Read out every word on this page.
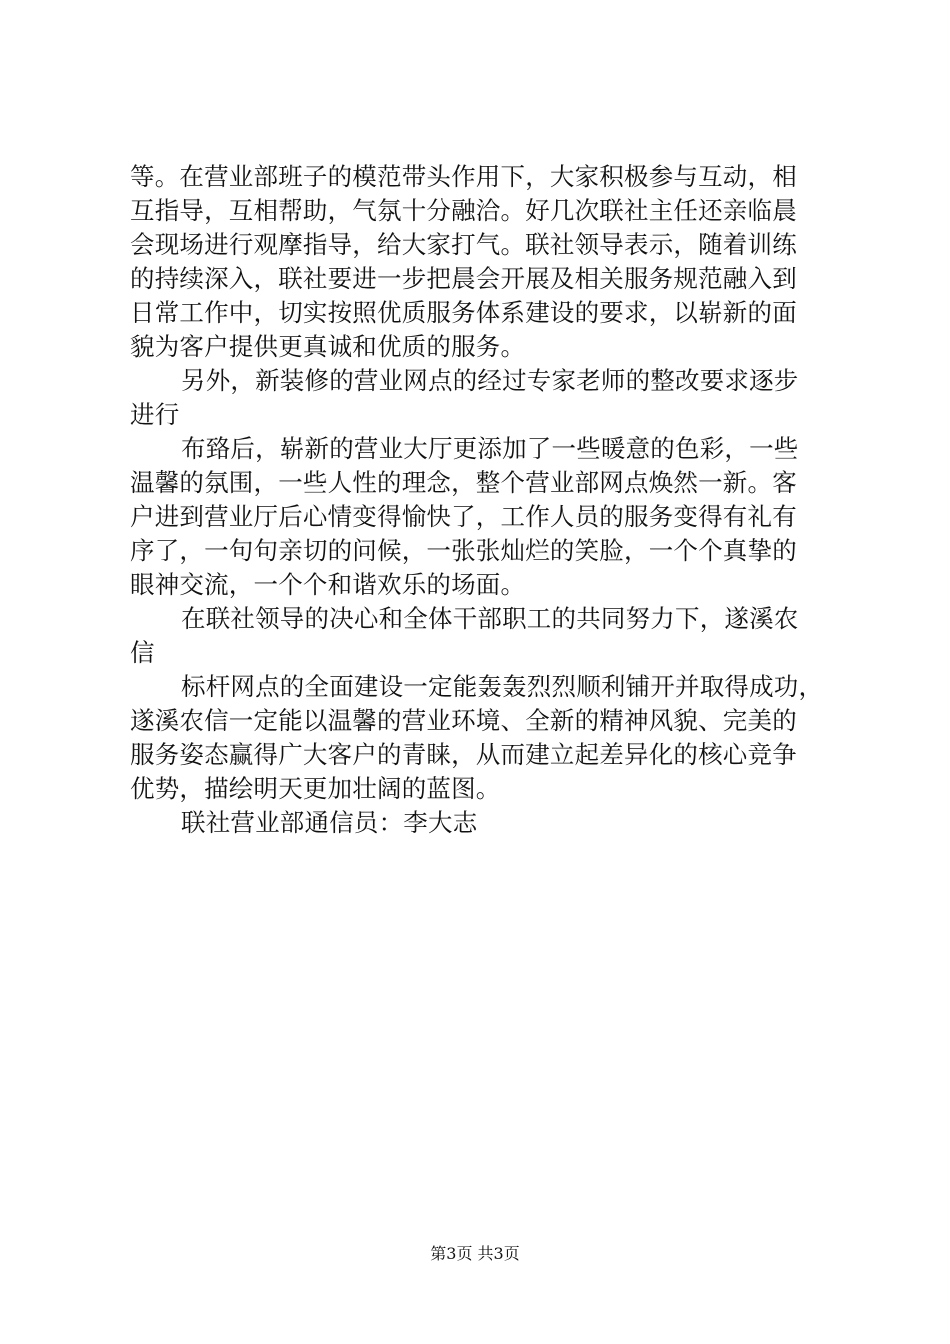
等。在营业部班子的模范带头作用下，大家积极参与互动，相
互指导，互相帮助，气氛十分融洽。好几次联社主任还亲临晨
会现场进行观摩指导，给大家打气。联社领导表示，随着训练
的持续深入，联社要进一步把晨会开展及相关服务规范融入到
日常工作中，切实按照优质服务体系建设的要求，以崭新的面
貌为客户提供更真诚和优质的服务。
另外，新装修的营业网点的经过专家老师的整改要求逐步
进行
布臵后，崭新的营业大厅更添加了一些暖意的色彩，一些
温馨的氛围，一些人性的理念，整个营业部网点焕然一新。客
户进到营业厅后心情变得愉快了，工作人员的服务变得有礼有
序了，一句句亲切的问候，一张张灿烂的笑脸，一个个真挚的
眼神交流，一个个和谐欢乐的场面。
在联社领导的决心和全体干部职工的共同努力下，遂溪农
信
标杆网点的全面建设一定能轰轰烈烈顺利铺开并取得成功，
遂溪农信一定能以温馨的营业环境、全新的精神风貌、完美的
服务姿态赢得广大客户的青睐，从而建立起差异化的核心竞争
优势，描绘明天更加壮阔的蓝图。
联社营业部通信员：李大志
第3页 共3页
